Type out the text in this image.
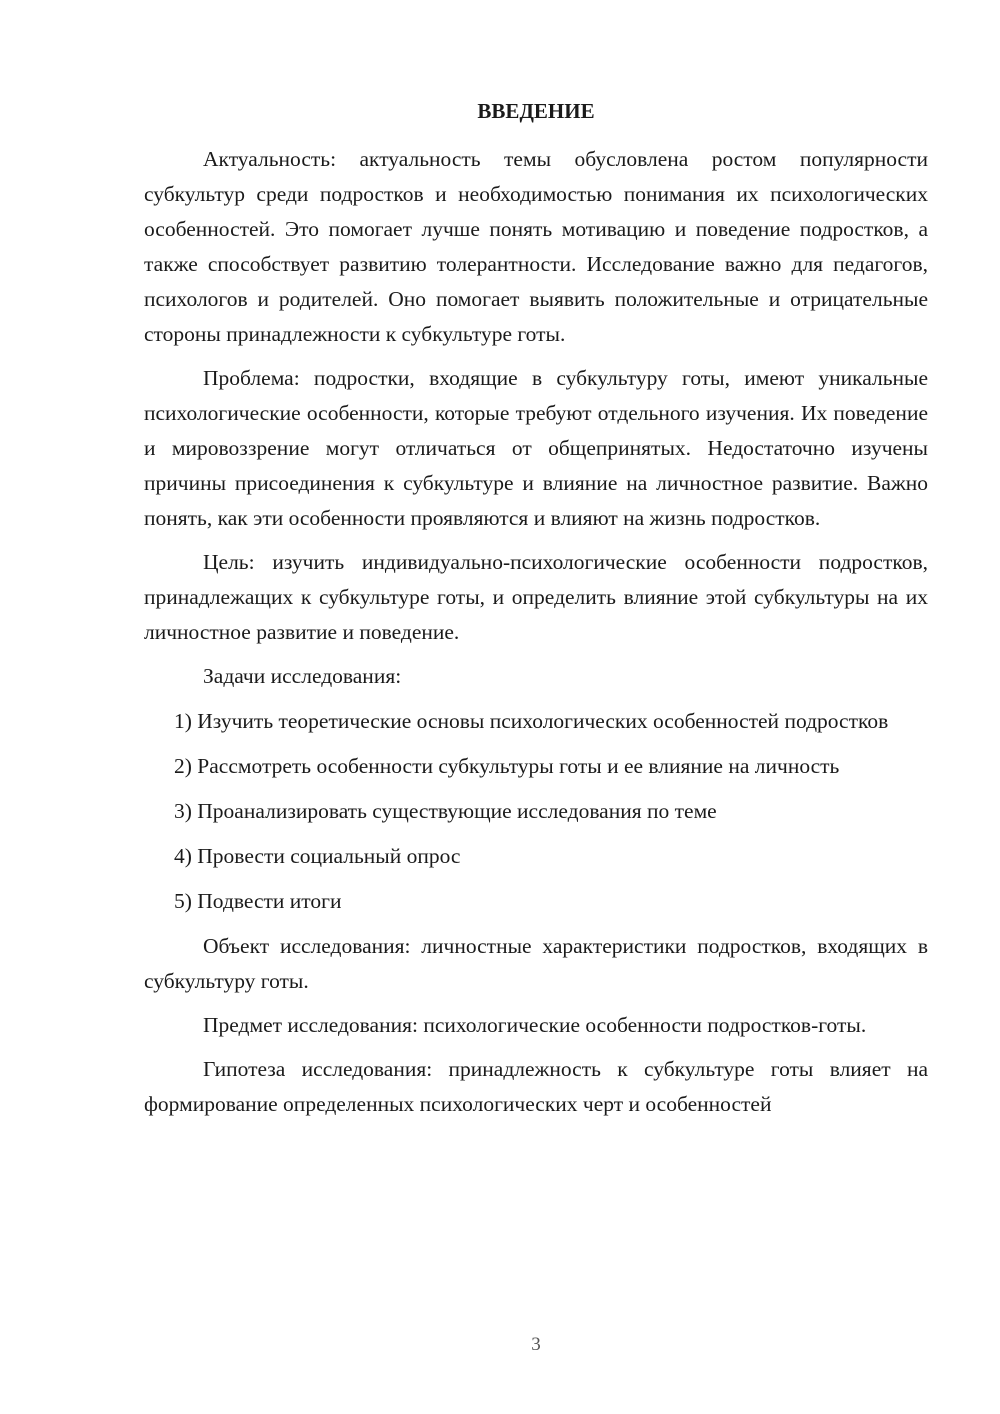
ВВЕДЕНИЕ

Актуальность: актуальность темы обусловлена ростом популярности субкультур среди подростков и необходимостью понимания их психологических особенностей. Это помогает лучше понять мотивацию и поведение подростков, а также способствует развитию толерантности. Исследование важно для педагогов, психологов и родителей. Оно помогает выявить положительные и отрицательные стороны принадлежности к субкультуре готы.

Проблема: подростки, входящие в субкультуру готы, имеют уникальные психологические особенности, которые требуют отдельного изучения. Их поведение и мировоззрение могут отличаться от общепринятых. Недостаточно изучены причины присоединения к субкультуре и влияние на личностное развитие. Важно понять, как эти особенности проявляются и влияют на жизнь подростков.

Цель: изучить индивидуально-психологические особенности подростков, принадлежащих к субкультуре готы, и определить влияние этой субкультуры на их личностное развитие и поведение.

Задачи исследования:

1) Изучить теоретические основы психологических особенностей подростков

2) Рассмотреть особенности субкультуры готы и ее влияние на личность

3) Проанализировать существующие исследования по теме

4) Провести социальный опрос

5) Подвести итоги

Объект исследования: личностные характеристики подростков, входящих в субкультуру готы.

Предмет исследования: психологические особенности подростков-готы.

Гипотеза исследования: принадлежность к субкультуре готы влияет на формирование определенных психологических черт и особенностей

3
